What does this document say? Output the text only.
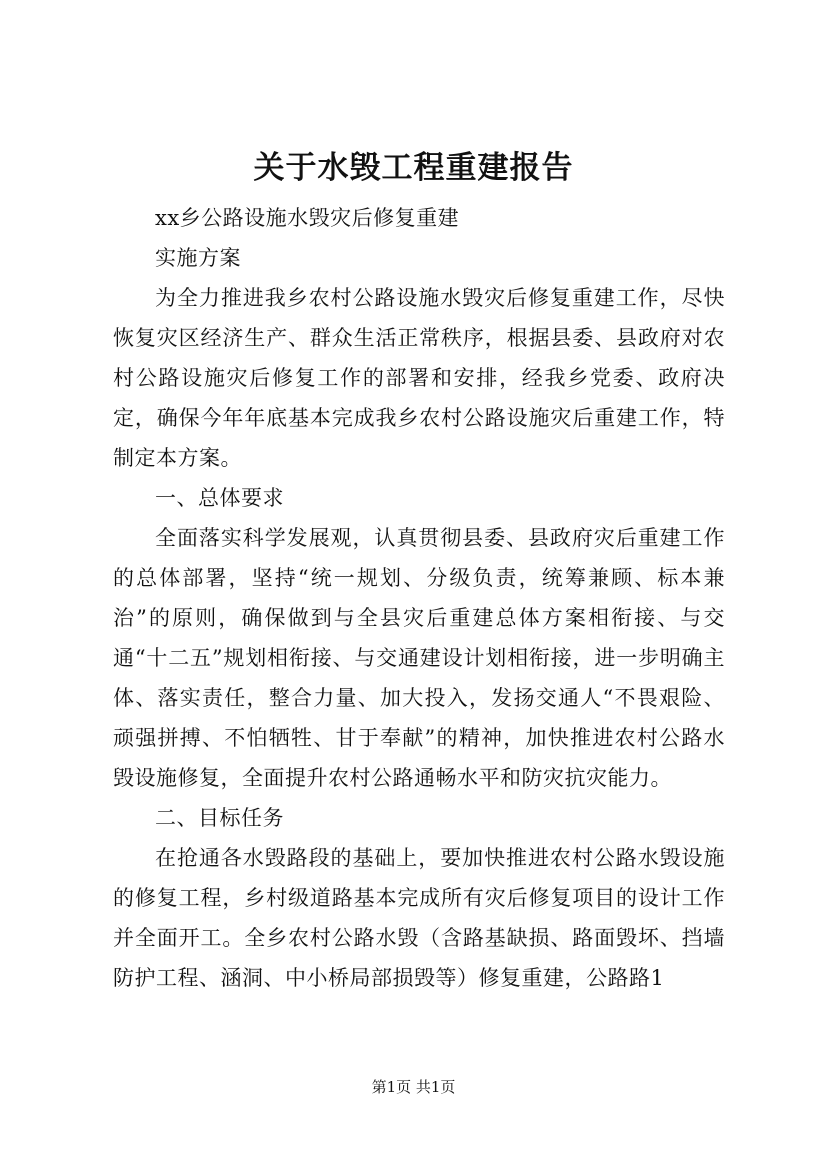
关于水毁工程重建报告

xx乡公路设施水毁灾后修复重建

实施方案

为全力推进我乡农村公路设施水毁灾后修复重建工作，尽快恢复灾区经济生产、群众生活正常秩序，根据县委、县政府对农村公路设施灾后修复工作的部署和安排，经我乡党委、政府决定，确保今年年底基本完成我乡农村公路设施灾后重建工作，特制定本方案。

一、总体要求

全面落实科学发展观，认真贯彻县委、县政府灾后重建工作的总体部署，坚持“统一规划、分级负责，统筹兼顾、标本兼治”的原则，确保做到与全县灾后重建总体方案相衔接、与交通“十二五”规划相衔接、与交通建设计划相衔接，进一步明确主体、落实责任，整合力量、加大投入，发扬交通人“不畏艰险、顽强拼搏、不怕牺牲、甘于奉献”的精神，加快推进农村公路水毁设施修复，全面提升农村公路通畅水平和防灾抗灾能力。

二、目标任务

在抢通各水毁路段的基础上，要加快推进农村公路水毁设施的修复工程，乡村级道路基本完成所有灾后修复项目的设计工作并全面开工。全乡农村公路水毁（含路基缺损、路面毁坏、挡墙防护工程、涵洞、中小桥局部损毁等）修复重建，公路路1

第1页 共1页
